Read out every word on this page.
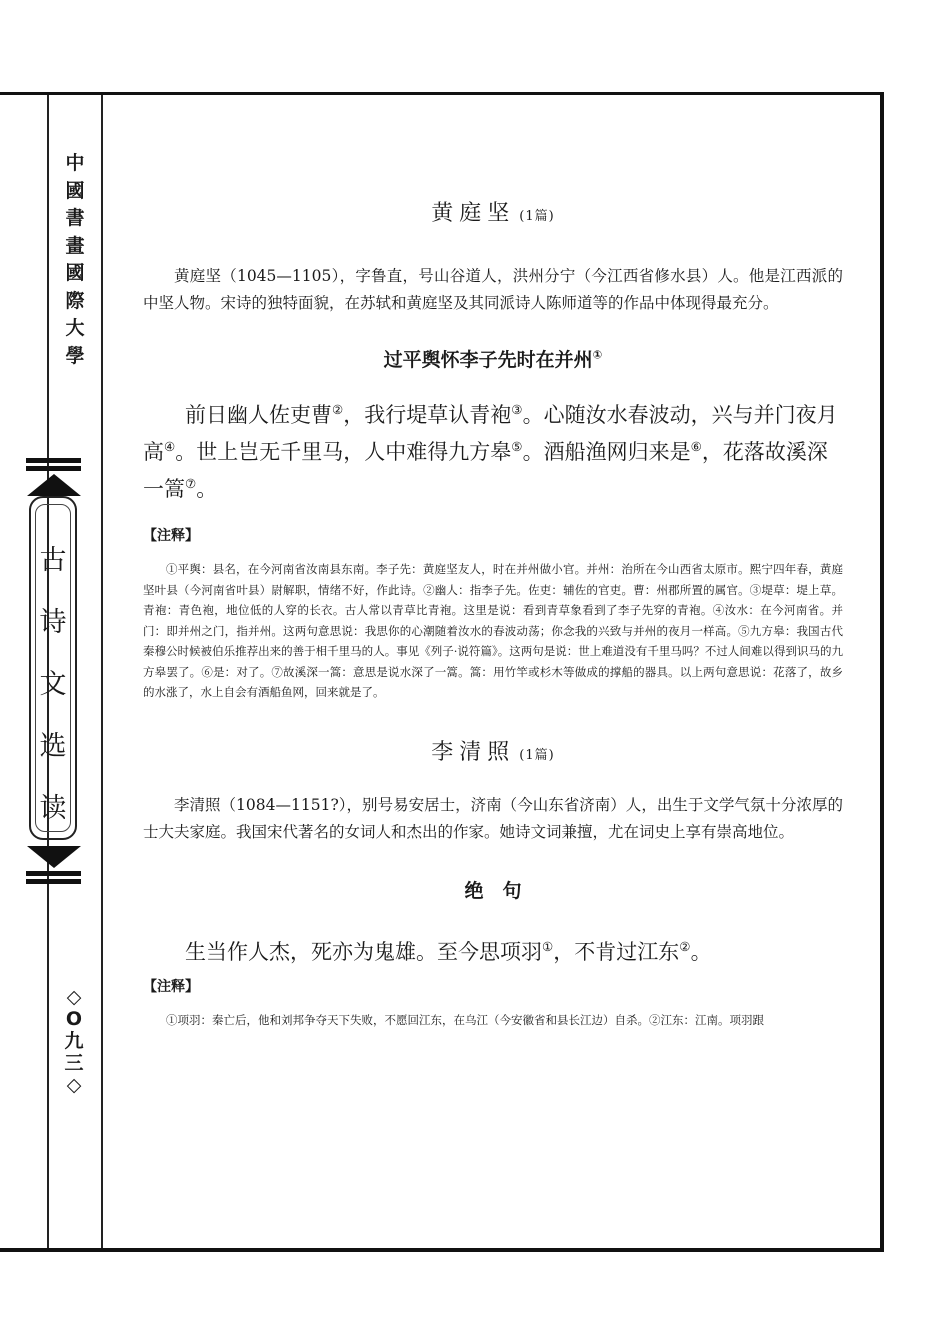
中
國
書
畫
國
際
大
學
古
诗
文
选
读
◇
O
九
三
◇

黄庭坚 (1篇)

黄庭坚（1045—1105），字鲁直，号山谷道人，洪州分宁（今江西省修水县）人。他是江西派的中坚人物。宋诗的独特面貌，在苏轼和黄庭坚及其同派诗人陈师道等的作品中体现得最充分。

过平舆怀李子先时在并州①

前日幽人佐吏曹②，我行堤草认青袍③。心随汝水春波动，兴与并门夜月高④。世上岂无千里马，人中难得九方皋⑤。酒船渔网归来是⑥，花落故溪深一篙⑦。

【注释】

①平舆：县名，在今河南省汝南县东南。李子先：黄庭坚友人，时在并州做小官。并州：治所在今山西省太原市。熙宁四年春，黄庭坚叶县（今河南省叶县）尉解职，情绪不好，作此诗。②幽人：指李子先。佐吏：辅佐的官吏。曹：州郡所置的属官。③堤草：堤上草。青袍：青色袍，地位低的人穿的长衣。古人常以青草比青袍。这里是说：看到青草象看到了李子先穿的青袍。④汝水：在今河南省。并门：即并州之门，指并州。这两句意思说：我思你的心潮随着汝水的春波动荡；你念我的兴致与并州的夜月一样高。⑤九方皋：我国古代秦穆公时候被伯乐推荐出来的善于相千里马的人。事见《列子·说符篇》。这两句是说：世上难道没有千里马吗？不过人间难以得到识马的九方皋罢了。⑥是：对了。⑦故溪深一篙：意思是说水深了一篙。篙：用竹竿或杉木等做成的撑船的器具。以上两句意思说：花落了，故乡的水涨了，水上自会有酒船鱼网，回来就是了。

李清照 (1篇)

李清照（1084—1151?），别号易安居士，济南（今山东省济南）人，出生于文学气氛十分浓厚的士大夫家庭。我国宋代著名的女词人和杰出的作家。她诗文词兼擅，尤在词史上享有崇高地位。

绝　句

生当作人杰，死亦为鬼雄。至今思项羽①，不肯过江东②。

【注释】

①项羽：秦亡后，他和刘邦争夺天下失败，不愿回江东，在乌江（今安徽省和县长江边）自杀。②江东：江南。项羽跟
